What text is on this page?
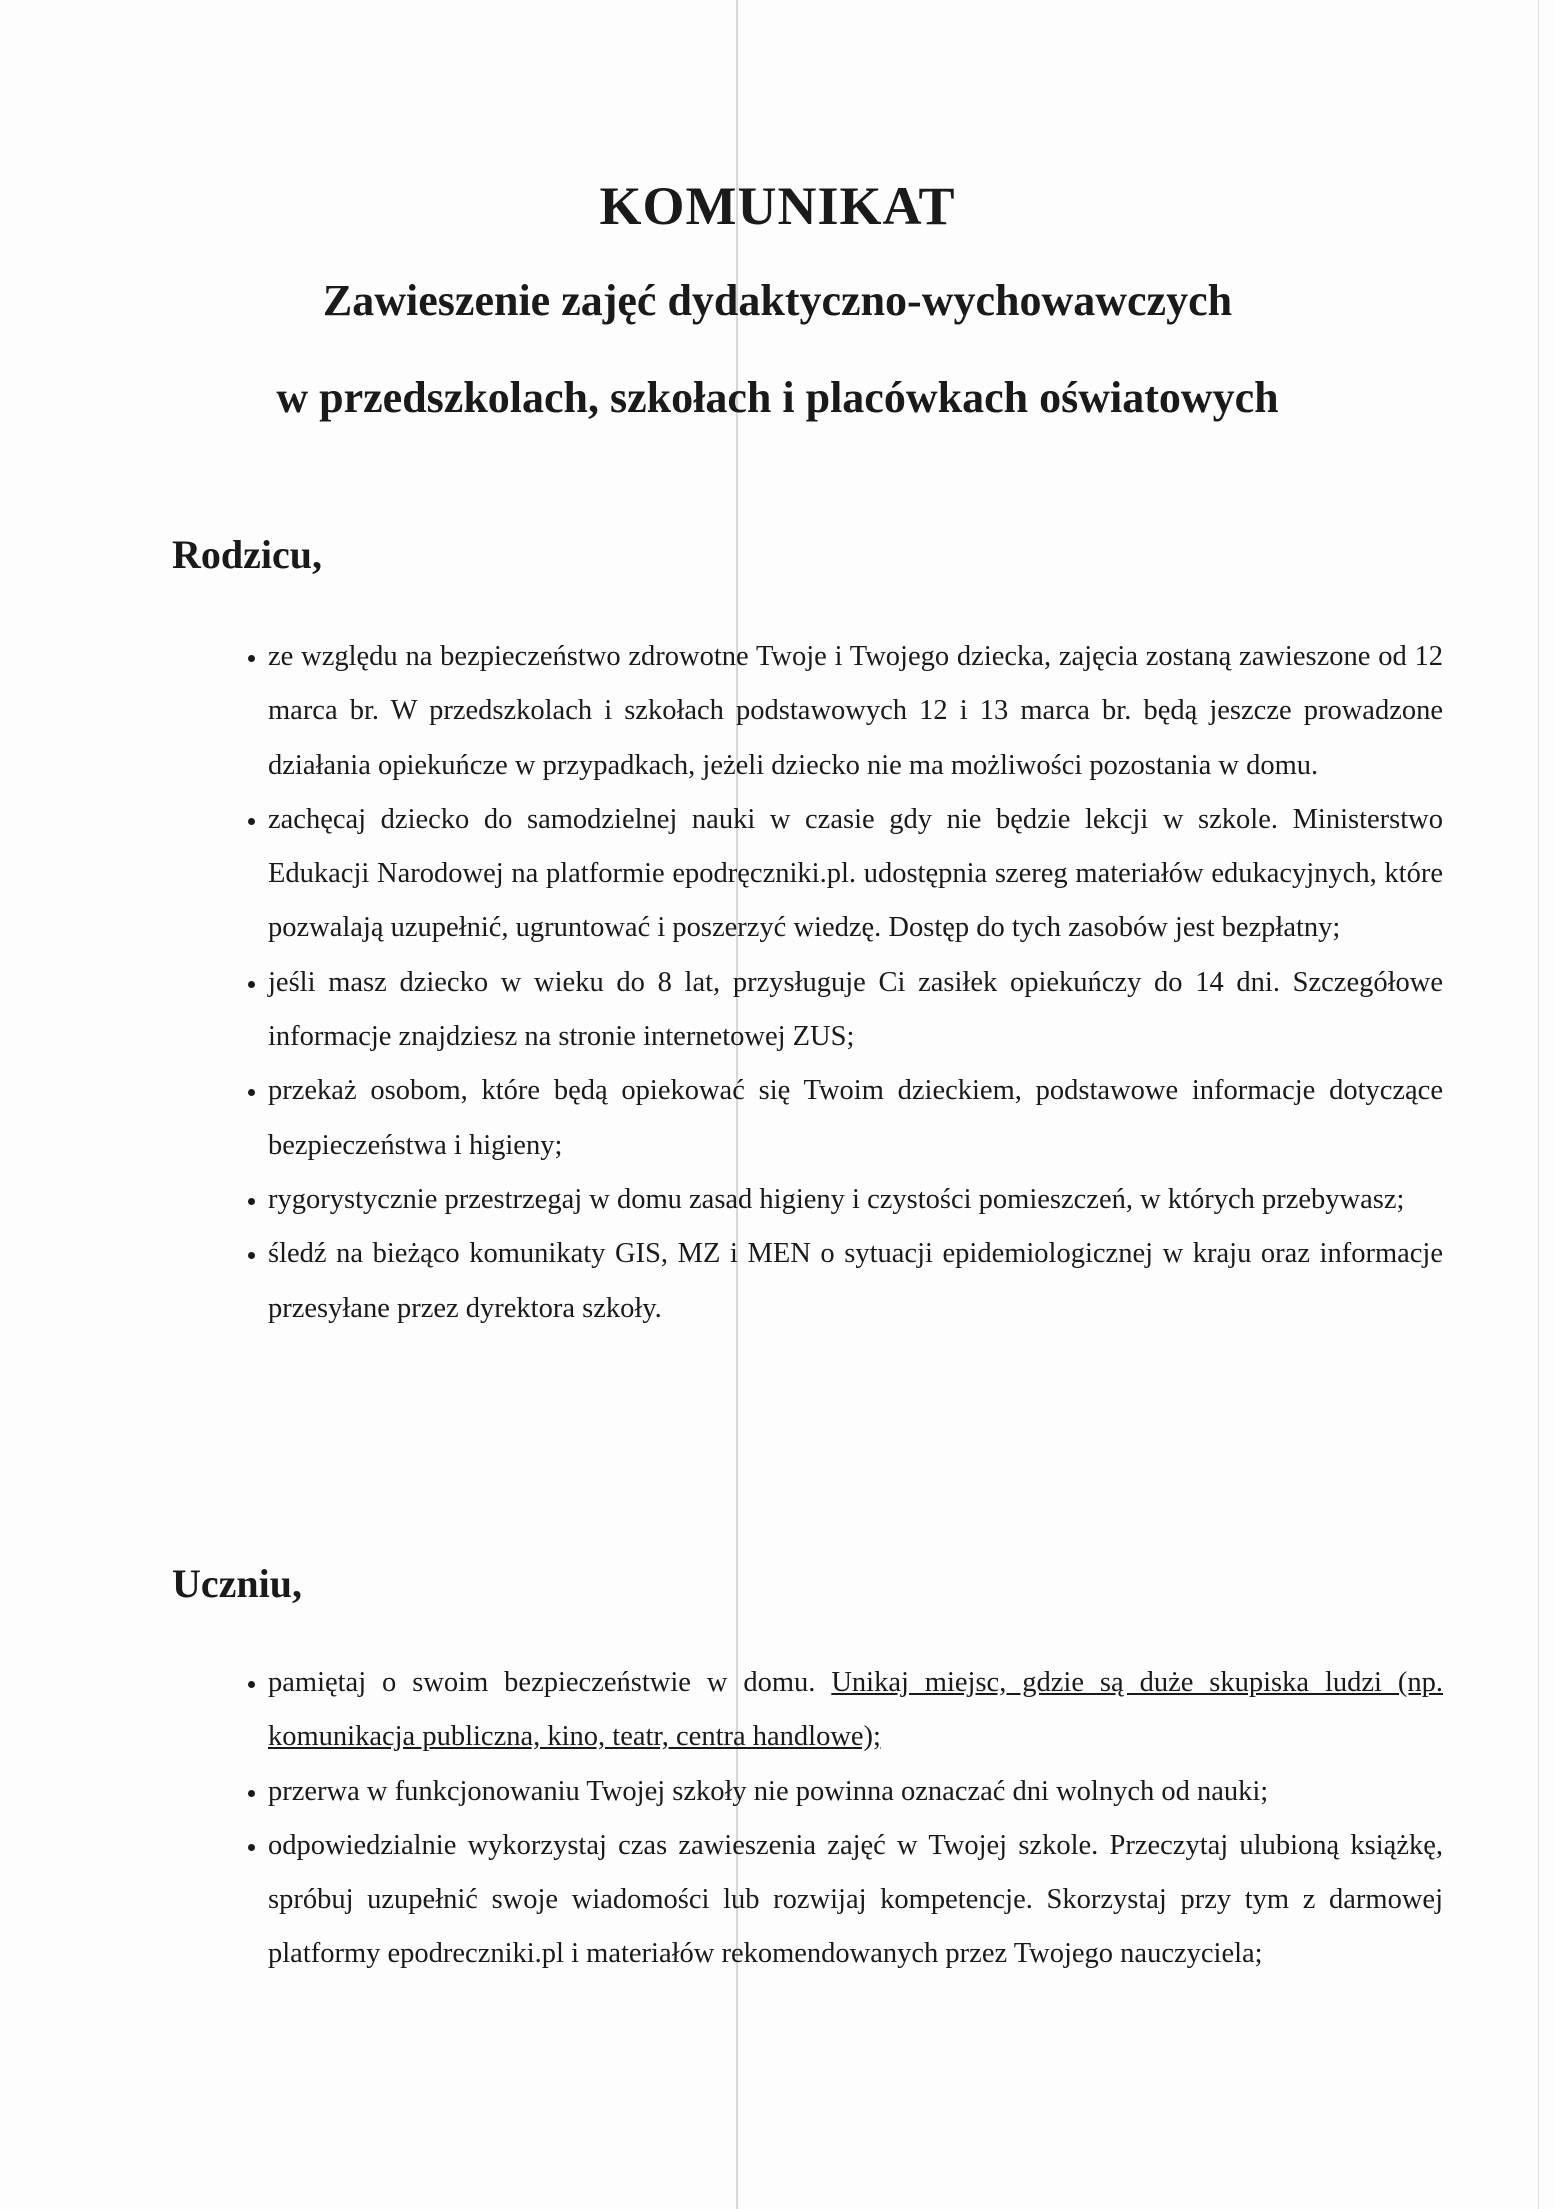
KOMUNIKAT
Zawieszenie zajęć dydaktyczno-wychowawczych
w przedszkolach, szkołach i placówkach oświatowych
Rodzicu,
• ze względu na bezpieczeństwo zdrowotne Twoje i Twojego dziecka, zajęcia zostaną zawieszone od 12 marca br. W przedszkolach i szkołach podstawowych 12 i 13 marca br. będą jeszcze prowadzone działania opiekuńcze w przypadkach, jeżeli dziecko nie ma możliwości pozostania w domu.
• zachęcaj dziecko do samodzielnej nauki w czasie gdy nie będzie lekcji w szkole. Ministerstwo Edukacji Narodowej na platformie epodręczniki.pl. udostępnia szereg materiałów edukacyjnych, które pozwalają uzupełnić, ugruntować i poszerzyć wiedzę. Dostęp do tych zasobów jest bezpłatny;
• jeśli masz dziecko w wieku do 8 lat, przysługuje Ci zasiłek opiekuńczy do 14 dni. Szczegółowe informacje znajdziesz na stronie internetowej ZUS;
• przekaż osobom, które będą opiekować się Twoim dzieckiem, podstawowe informacje dotyczące bezpieczeństwa i higieny;
• rygorystycznie przestrzegaj w domu zasad higieny i czystości pomieszczeń, w których przebywasz;
• śledź na bieżąco komunikaty GIS, MZ i MEN o sytuacji epidemiologicznej w kraju oraz informacje przesyłane przez dyrektora szkoły.
Uczniu,
• pamiętaj o swoim bezpieczeństwie w domu. Unikaj miejsc, gdzie są duże skupiska ludzi (np. komunikacja publiczna, kino, teatr, centra handlowe);
• przerwa w funkcjonowaniu Twojej szkoły nie powinna oznaczać dni wolnych od nauki;
• odpowiedzialnie wykorzystaj czas zawieszenia zajęć w Twojej szkole. Przeczytaj ulubioną książkę, spróbuj uzupełnić swoje wiadomości lub rozwijaj kompetencje. Skorzystaj przy tym z darmowej platformy epodreczniki.pl i materiałów rekomendowanych przez Twojego nauczyciela;
